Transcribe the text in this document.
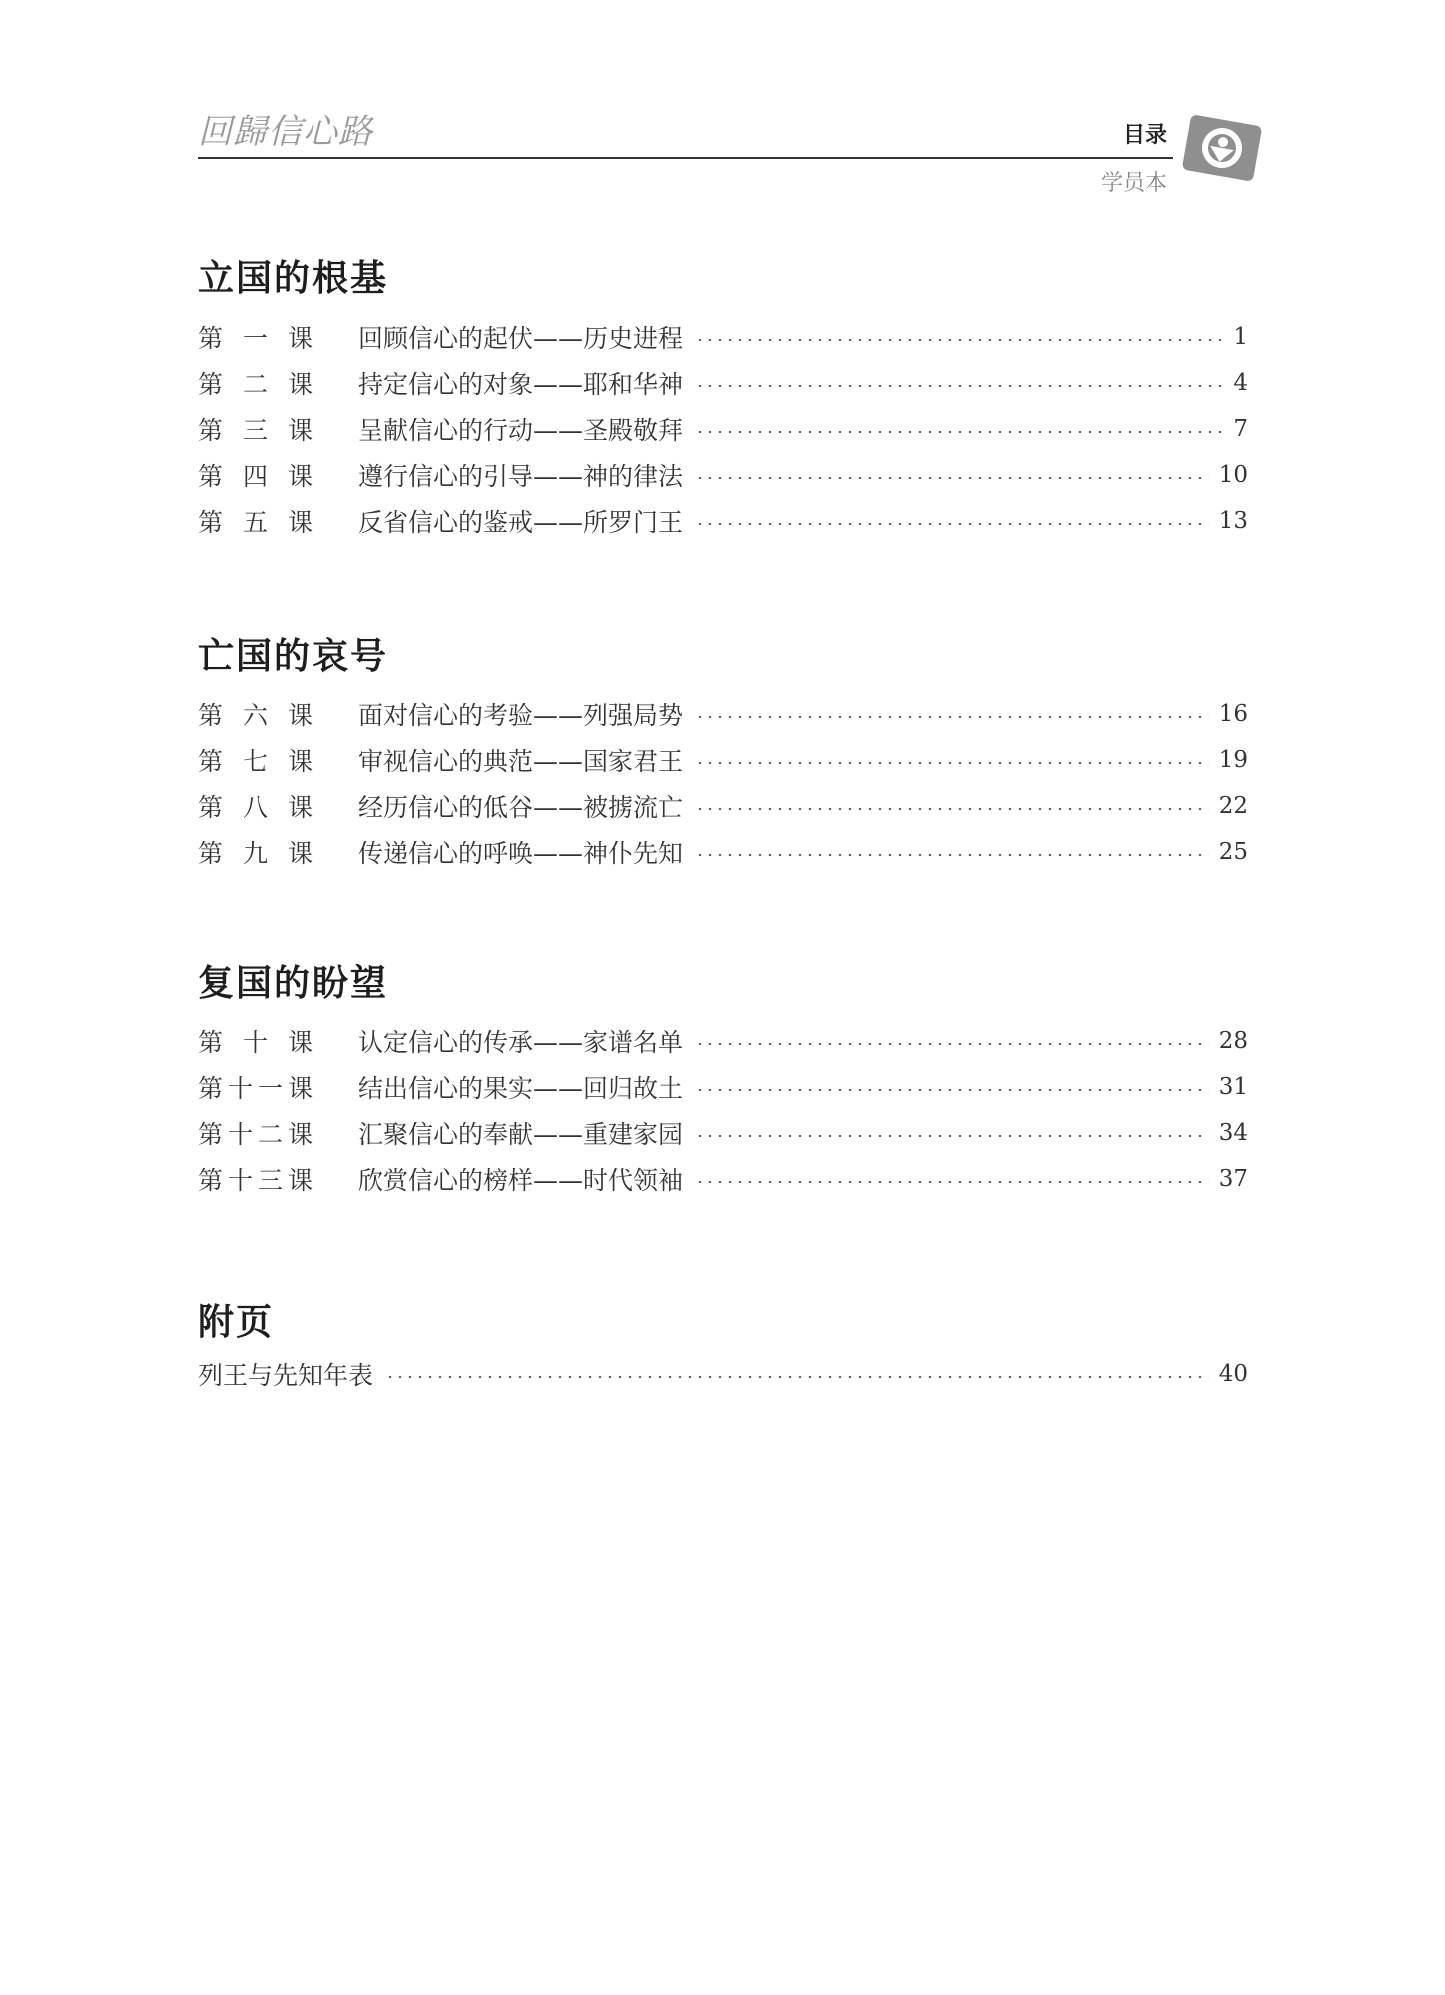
回歸信心路	目录
学员本
立国的根基
第 一 课 回顾信心的起伏——历史进程	1
第 二 课 持定信心的对象——耶和华神	4
第 三 课 呈献信心的行动——圣殿敬拜	7
第 四 课 遵行信心的引导——神的律法	10
第 五 课 反省信心的鉴戒——所罗门王	13
亡国的哀号
第 六 课 面对信心的考验——列强局势	16
第 七 课 审视信心的典范——国家君王	19
第 八 课 经历信心的低谷——被掳流亡	22
第 九 课 传递信心的呼唤——神仆先知	25
复国的盼望
第 十 课 认定信心的传承——家谱名单	28
第 十 一 课 结出信心的果实——回归故土	31
第 十 二 课 汇聚信心的奉献——重建家园	34
第 十 三 课 欣赏信心的榜样——时代领袖	37
附页
列王与先知年表	40
